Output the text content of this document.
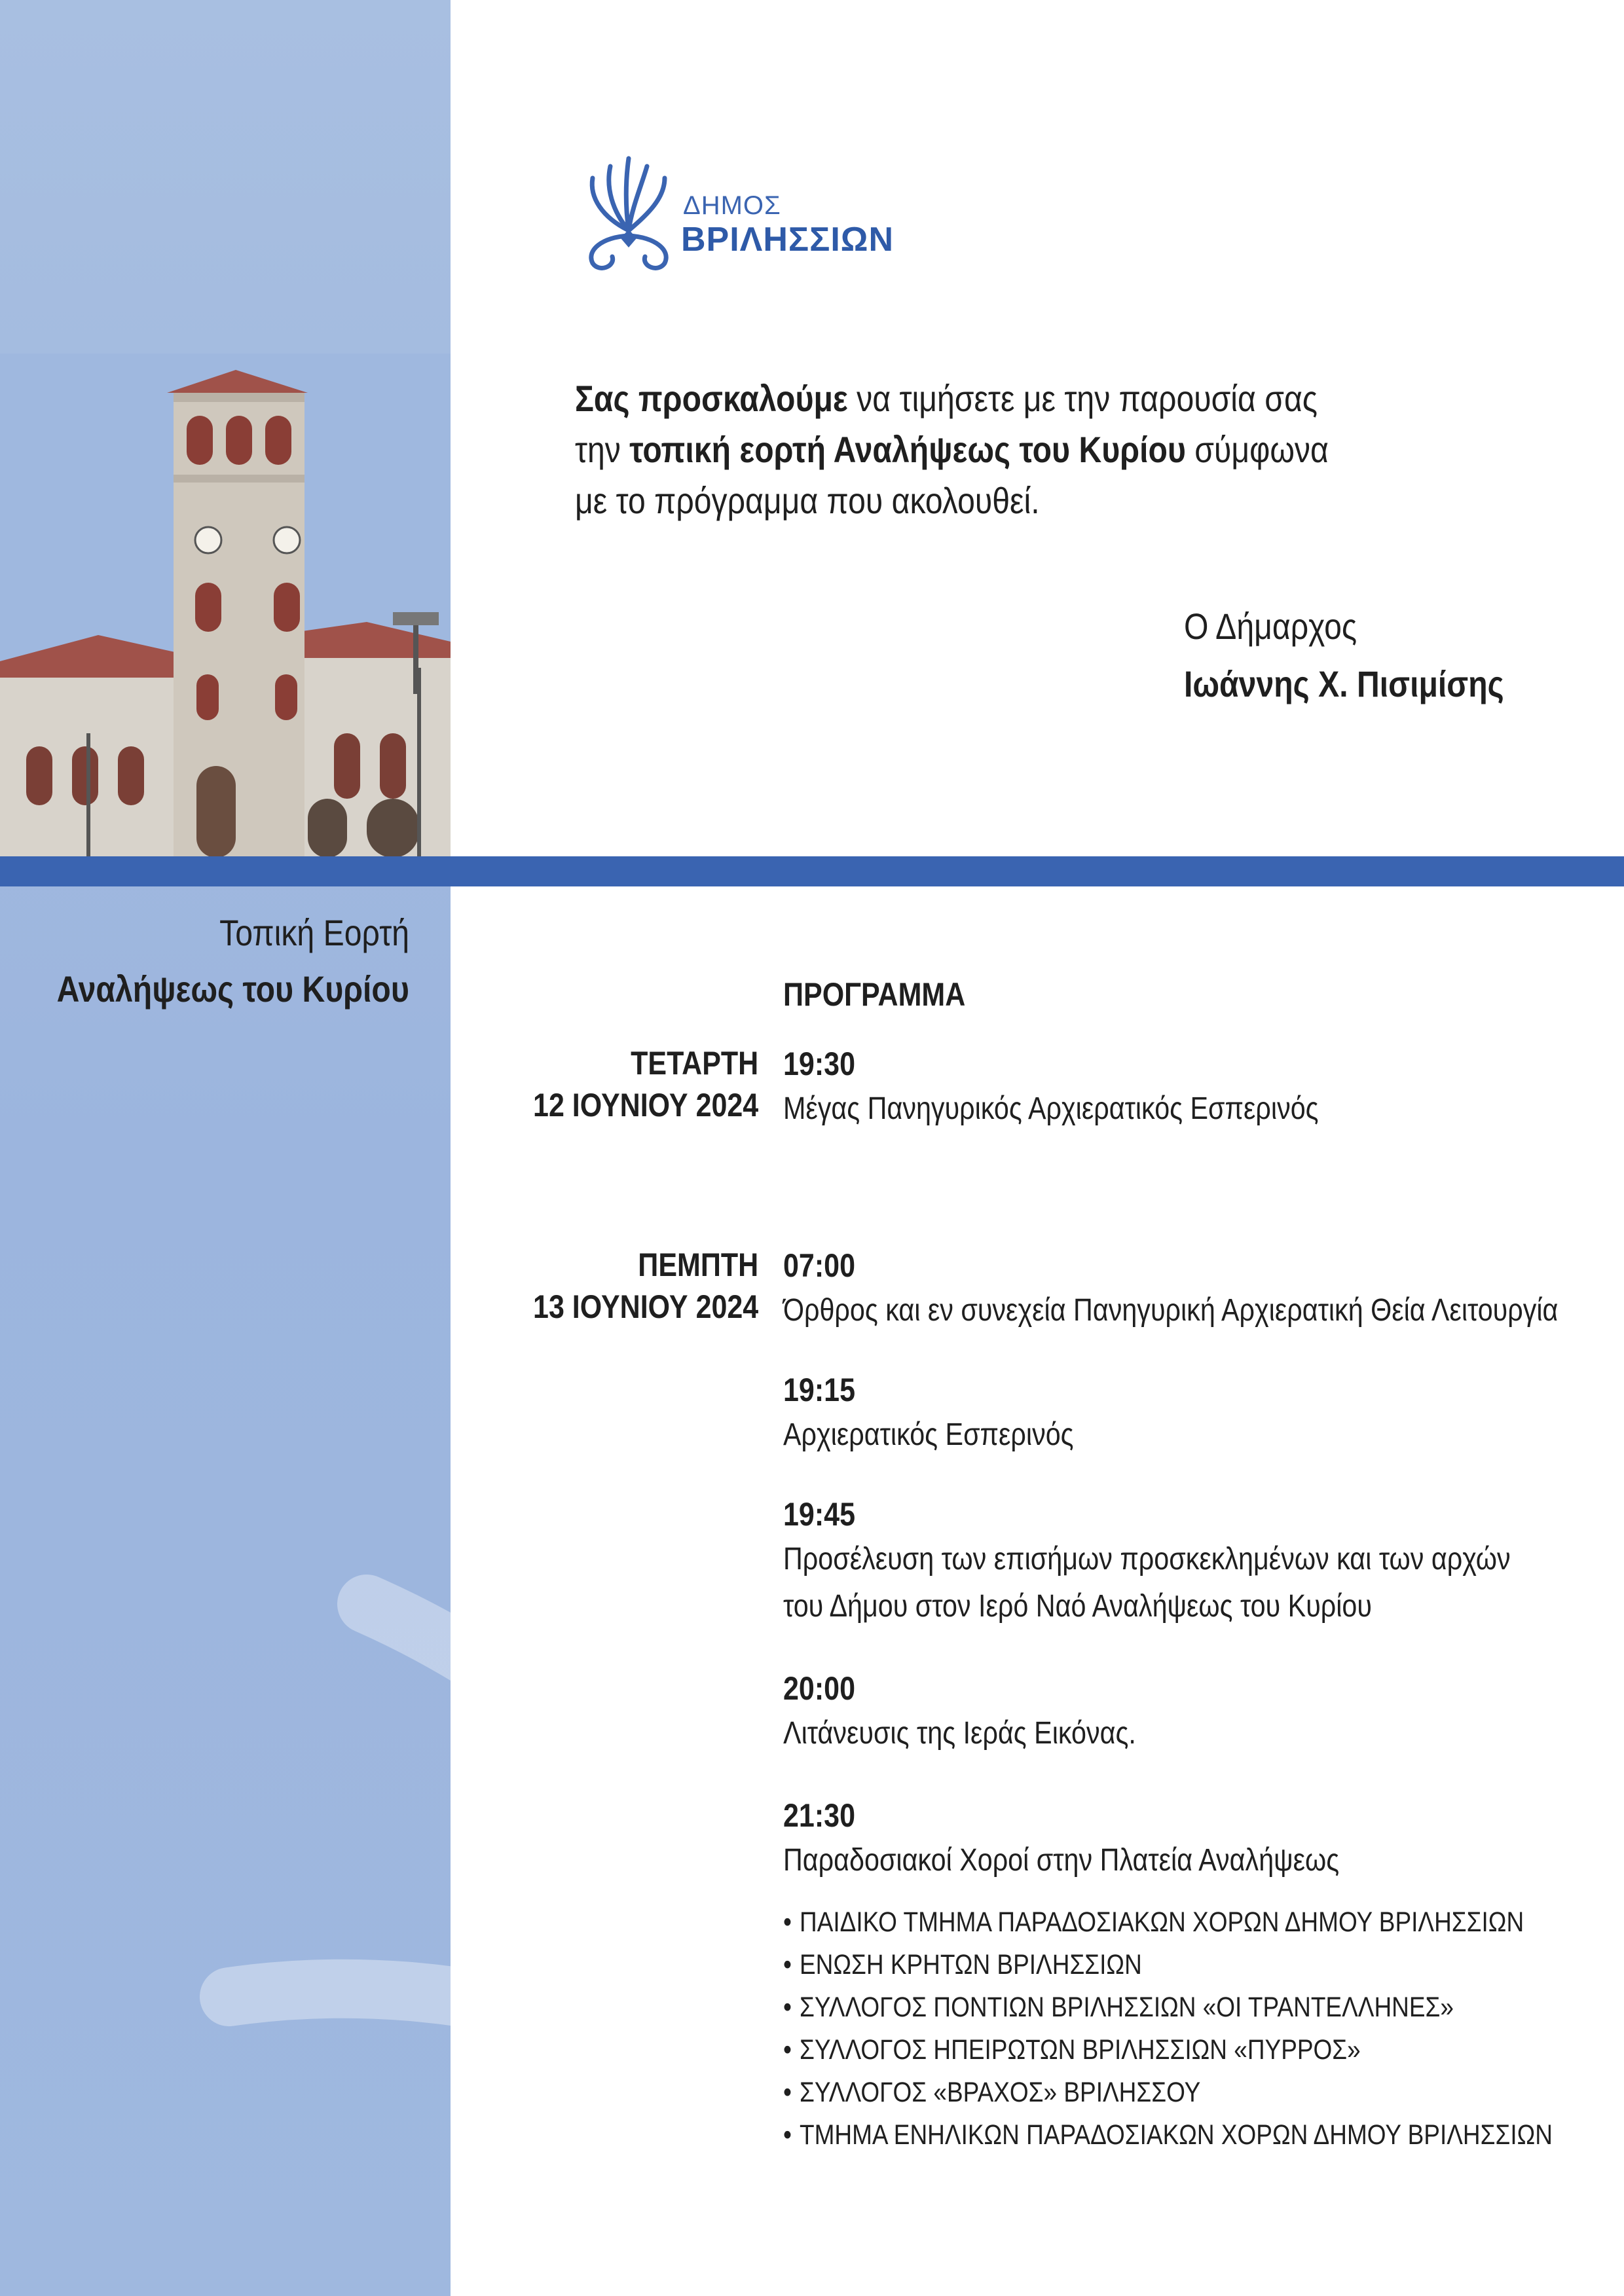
ΔΗΜΟΣ
ΒΡΙΛΗΣΣΙΩΝ
Σας προσκαλούμε να τιμήσετε με την παρουσία σας
την τοπική εορτή Αναλήψεως του Κυρίου σύμφωνα
με το πρόγραμμα που ακολουθεί.
Ο Δήμαρχος
Ιωάννης Χ. Πισιμίσης
Τοπική Εορτή
Αναλήψεως του Κυρίου	ΠΡΟΓΡΑΜΜΑ
ΤΕΤΑΡΤΗ
12 ΙΟΥΝΙΟΥ 2024
19:30
Μέγας Πανηγυρικός Αρχιερατικός Εσπερινός
ΠΕΜΠΤΗ
13 ΙΟΥΝΙΟΥ 2024
07:00
Όρθρος και εν συνεχεία Πανηγυρική Αρχιερατική Θεία Λειτουργία
19:15
Αρχιερατικός Εσπερινός
19:45
Προσέλευση των επισήμων προσκεκλημένων και των αρχών
του Δήμου στον Ιερό Ναό Αναλήψεως του Κυρίου
20:00
Λιτάνευσις της Ιεράς Εικόνας.
21:30
Παραδοσιακοί Χοροί στην Πλατεία Αναλήψεως
• ΠΑΙΔΙΚΟ ΤΜΗΜΑ ΠΑΡΑΔΟΣΙΑΚΩΝ ΧΟΡΩΝ ΔΗΜΟΥ ΒΡΙΛΗΣΣΙΩΝ
• ΕΝΩΣΗ ΚΡΗΤΩΝ ΒΡΙΛΗΣΣΙΩΝ
• ΣΥΛΛΟΓΟΣ ΠΟΝΤΙΩΝ ΒΡΙΛΗΣΣΙΩΝ «ΟΙ ΤΡΑΝΤΕΛΛΗΝΕΣ»
• ΣΥΛΛΟΓΟΣ ΗΠΕΙΡΩΤΩΝ ΒΡΙΛΗΣΣΙΩΝ «ΠΥΡΡΟΣ»
• ΣΥΛΛΟΓΟΣ «ΒΡΑΧΟΣ» ΒΡΙΛΗΣΣΟΥ
• ΤΜΗΜΑ ΕΝΗΛΙΚΩΝ ΠΑΡΑΔΟΣΙΑΚΩΝ ΧΟΡΩΝ ΔΗΜΟΥ ΒΡΙΛΗΣΣΙΩΝ
